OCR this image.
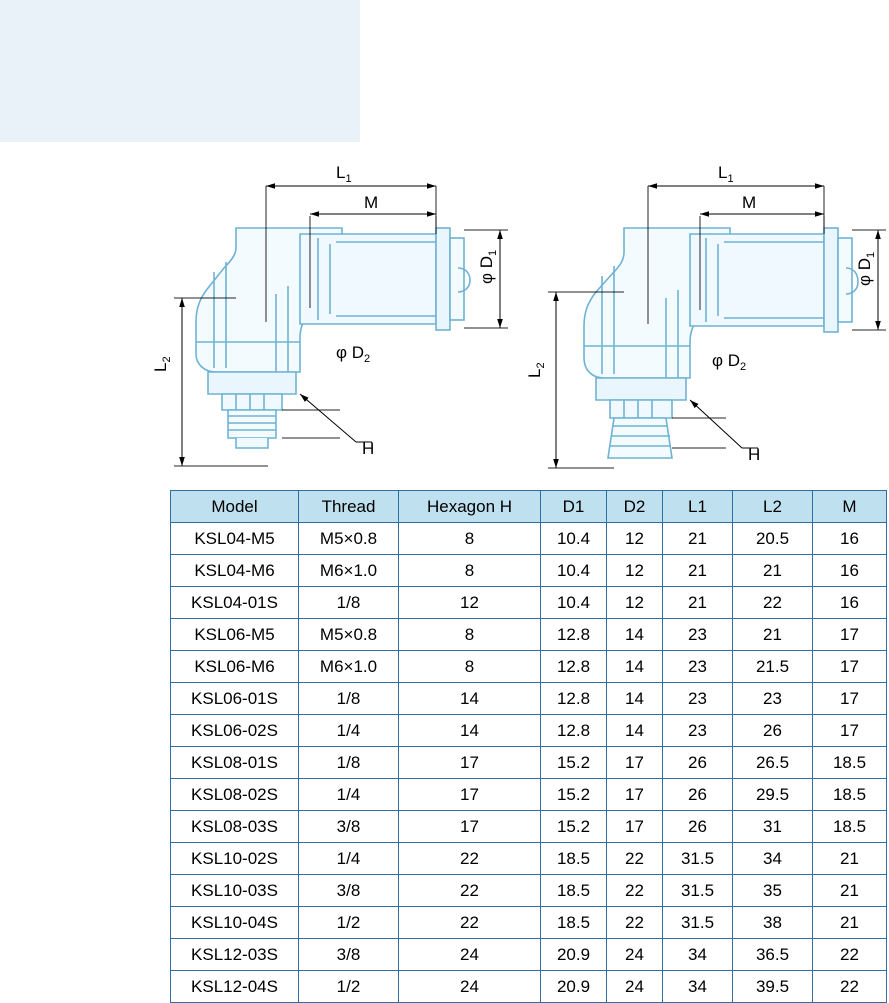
$L_1$
M
$L_2$
φ $D_1$
φ $D_2$
H
$L_1$
M
$L_2$
φ $D_1$
φ $D_2$
H
Model	Thread	Hexagon H	D1	D2	L1	L2	M
KSL04-M5	M5×0.8	8	10.4	12	21	20.5	16
KSL04-M6	M6×1.0	8	10.4	12	21	21	16
KSL04-01S	1/8	12	10.4	12	21	22	16
KSL06-M5	M5×0.8	8	12.8	14	23	21	17
KSL06-M6	M6×1.0	8	12.8	14	23	21.5	17
KSL06-01S	1/8	14	12.8	14	23	23	17
KSL06-02S	1/4	14	12.8	14	23	26	17
KSL08-01S	1/8	17	15.2	17	26	26.5	18.5
KSL08-02S	1/4	17	15.2	17	26	29.5	18.5
KSL08-03S	3/8	17	15.2	17	26	31	18.5
KSL10-02S	1/4	22	18.5	22	31.5	34	21
KSL10-03S	3/8	22	18.5	22	31.5	35	21
KSL10-04S	1/2	22	18.5	22	31.5	38	21
KSL12-03S	3/8	24	20.9	24	34	36.5	22
KSL12-04S	1/2	24	20.9	24	34	39.5	22
